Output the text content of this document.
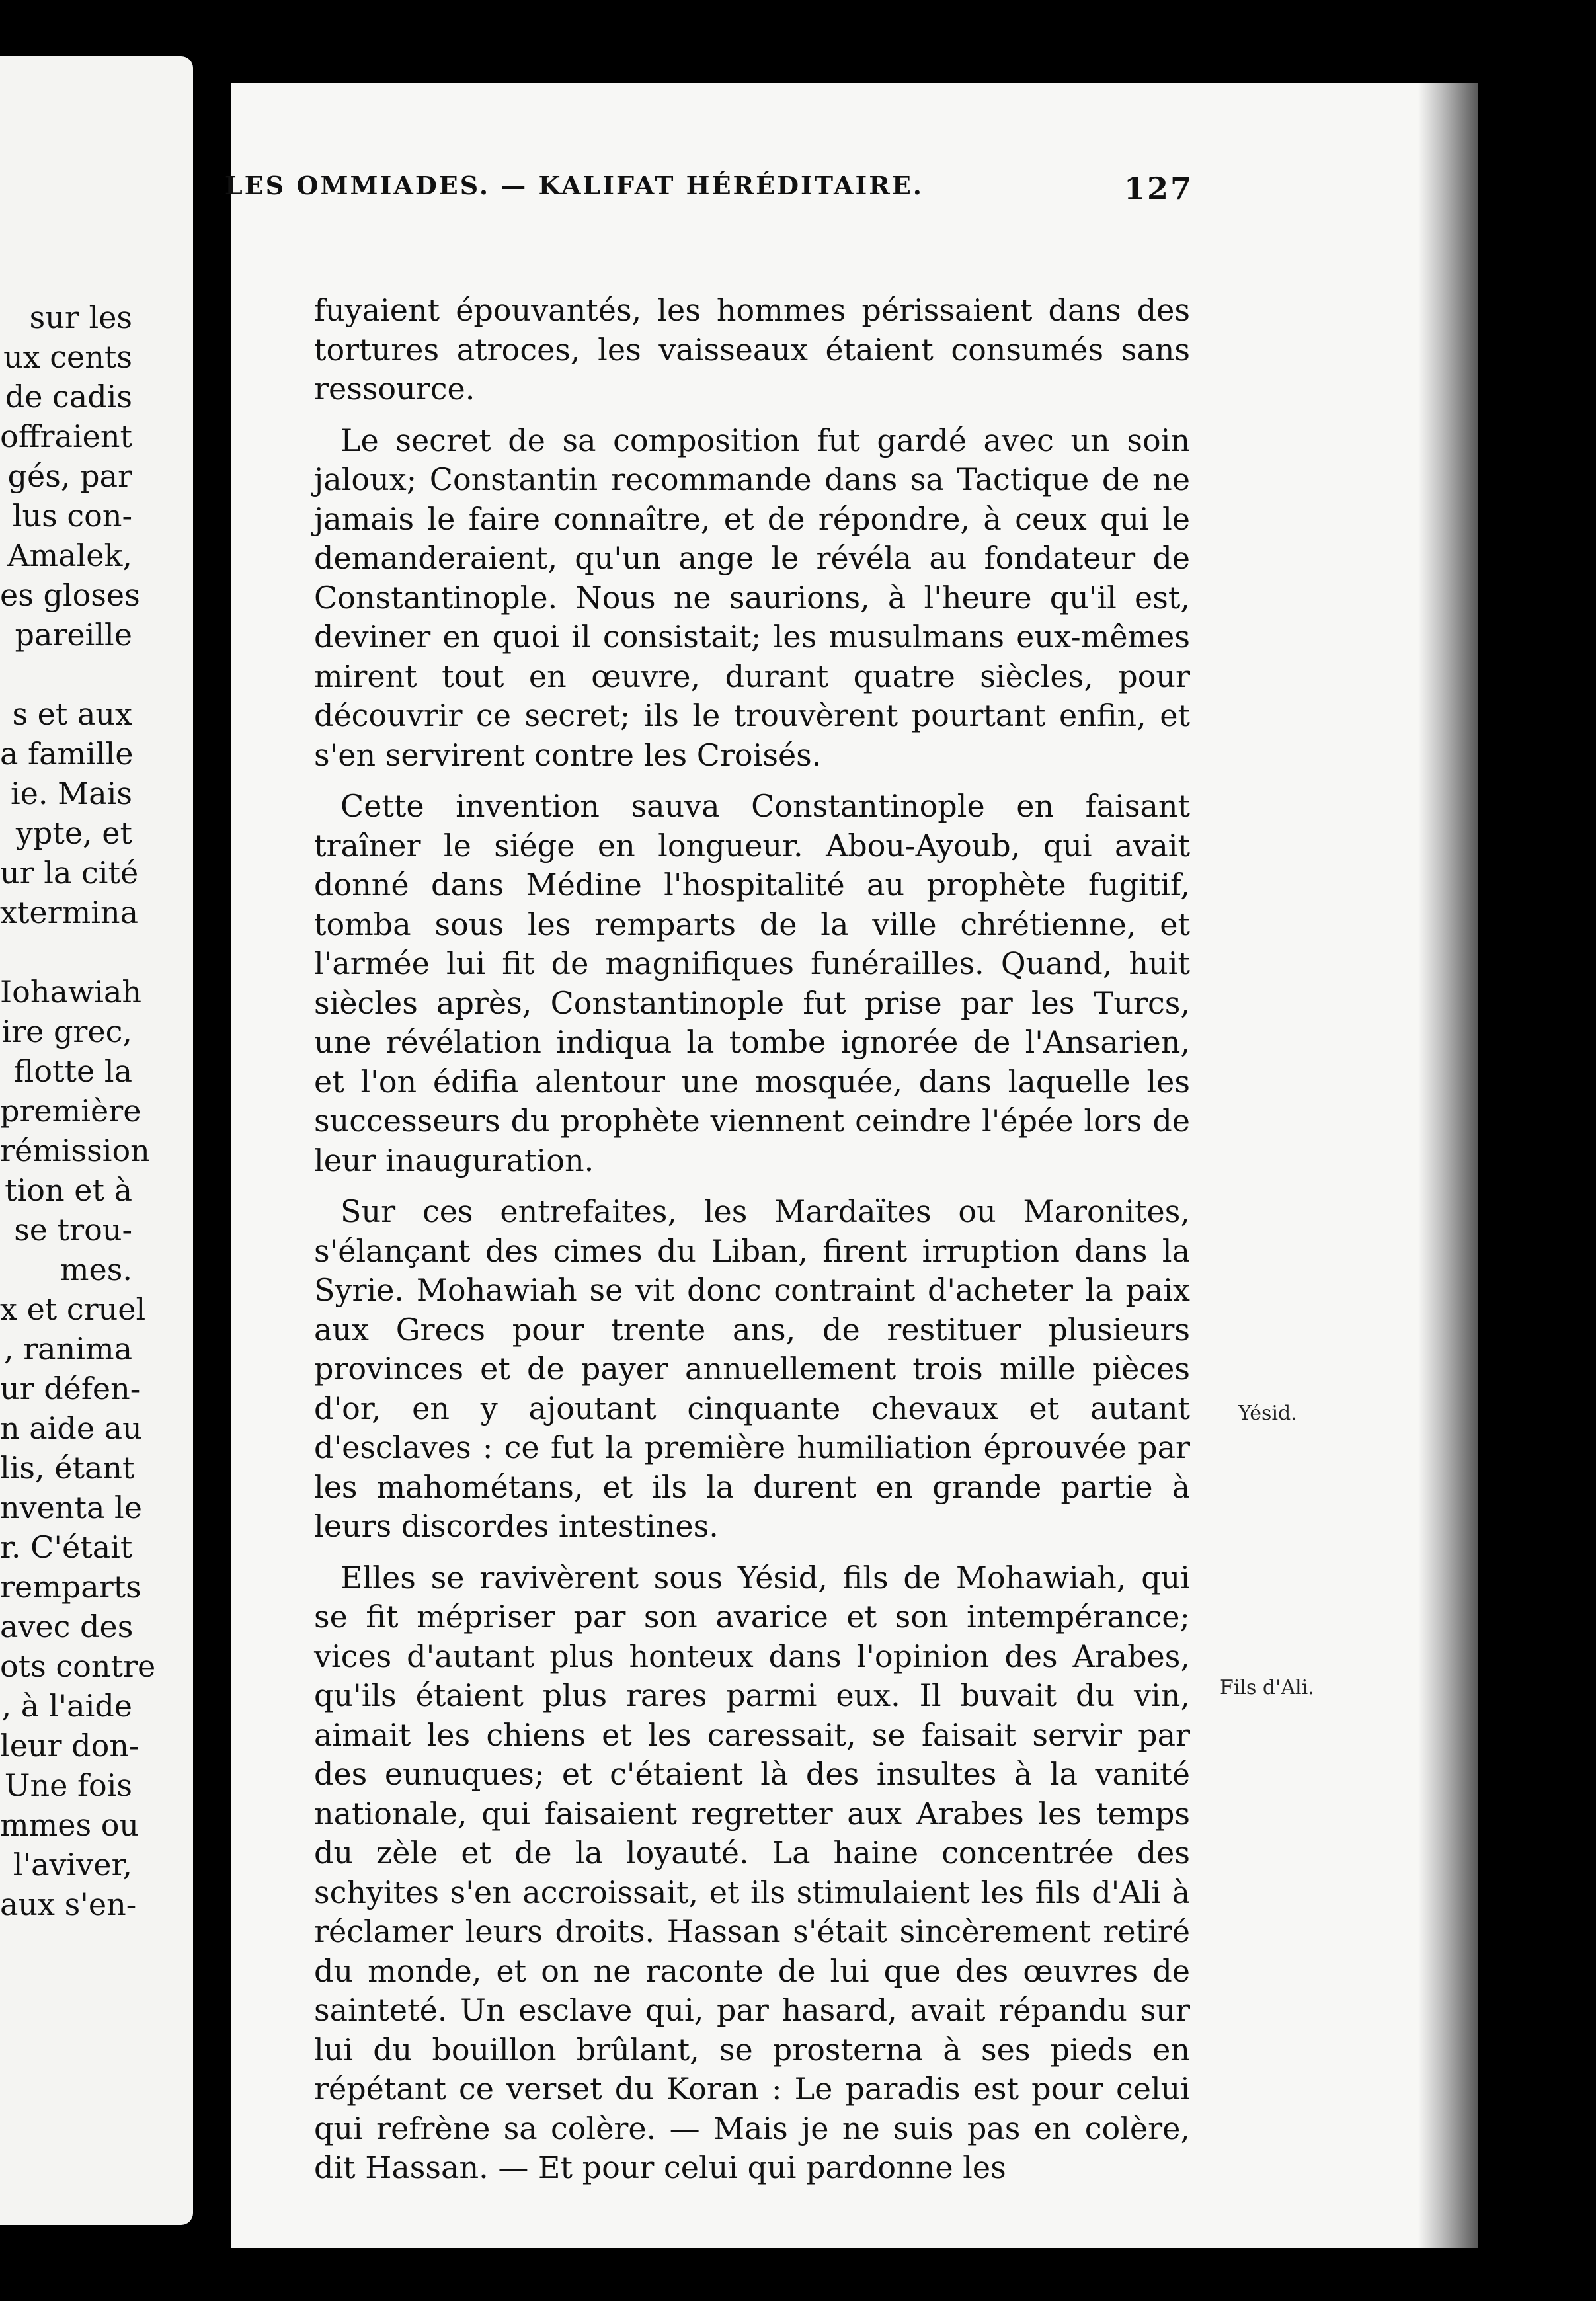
sur les
ux cents
de cadis
offraient
gés, par
lus con-
Amalek,
es gloses
pareille
s et aux
a famille
ie. Mais
ypte, et
ur la cité
xtermina
Iohawiah
ire grec,
flotte la
première
rémission
tion et à
se trou-
mes.
x et cruel
, ranima
ur défen-
n aide au
lis, étant
nventa le
r. C'était
remparts
avec des
ots contre
, à l'aide
leur don-
Une fois
mmes ou
l'aviver,
aux s'en-
LES OMMIADES. — KALIFAT HÉRÉDITAIRE.	127

fuyaient épouvantés, les hommes périssaient dans des tortures atroces, les vaisseaux étaient consumés sans ressource.

Le secret de sa composition fut gardé avec un soin jaloux; Constantin recommande dans sa Tactique de ne jamais le faire connaître, et de répondre, à ceux qui le demanderaient, qu'un ange le révéla au fondateur de Constantinople. Nous ne saurions, à l'heure qu'il est, deviner en quoi il consistait; les musulmans eux-mêmes mirent tout en œuvre, durant quatre siècles, pour découvrir ce secret; ils le trouvèrent pourtant enfin, et s'en servirent contre les Croisés.

Cette invention sauva Constantinople en faisant traîner le siége en longueur. Abou-Ayoub, qui avait donné dans Médine l'hospitalité au prophète fugitif, tomba sous les remparts de la ville chrétienne, et l'armée lui fit de magnifiques funérailles. Quand, huit siècles après, Constantinople fut prise par les Turcs, une révélation indiqua la tombe ignorée de l'Ansarien, et l'on édifia alentour une mosquée, dans laquelle les successeurs du prophète viennent ceindre l'épée lors de leur inauguration.

Sur ces entrefaites, les Mardaïtes ou Maronites, s'élançant des cimes du Liban, firent irruption dans la Syrie. Mohawiah se vit donc contraint d'acheter la paix aux Grecs pour trente ans, de restituer plusieurs provinces et de payer annuellement trois mille pièces d'or, en y ajoutant cinquante chevaux et autant d'esclaves : ce fut la première humiliation éprouvée par les mahométans, et ils la durent en grande partie à leurs discordes intestines.

Elles se ravivèrent sous Yésid, fils de Mohawiah, qui se fit mépriser par son avarice et son intempérance; vices d'autant plus honteux dans l'opinion des Arabes, qu'ils étaient plus rares parmi eux. Il buvait du vin, aimait les chiens et les caressait, se faisait servir par des eunuques; et c'étaient là des insultes à la vanité nationale, qui faisaient regretter aux Arabes les temps du zèle et de la loyauté. La haine concentrée des schyites s'en accroissait, et ils stimulaient les fils d'Ali à réclamer leurs droits. Hassan s'était sincèrement retiré du monde, et on ne raconte de lui que des œuvres de sainteté. Un esclave qui, par hasard, avait répandu sur lui du bouillon brûlant, se prosterna à ses pieds en répétant ce verset du Koran : Le paradis est pour celui qui refrène sa colère. — Mais je ne suis pas en colère, dit Hassan. — Et pour celui qui pardonne les

Yésid.
Fils d'Ali.
